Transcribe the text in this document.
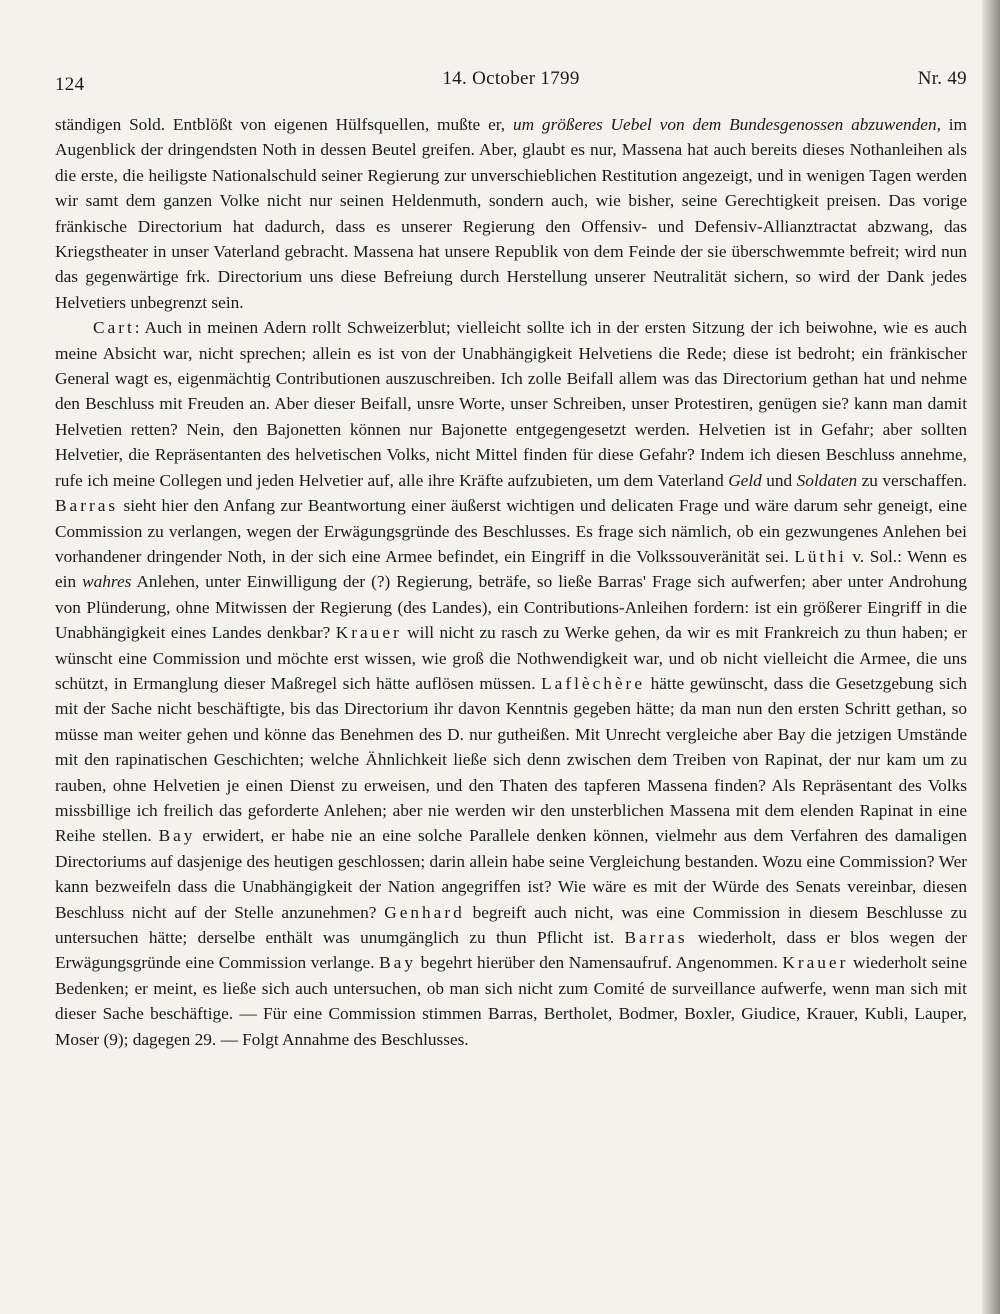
124	14. October 1799	Nr. 49

ständigen Sold. Entblößt von eigenen Hülfsquellen, mußte er, um größeres Uebel von dem Bundesgenossen abzuwenden, im Augenblick der dringendsten Noth in dessen Beutel greifen. Aber, glaubt es nur, Massena hat auch bereits dieses Nothanleihen als die erste, die heiligste Nationalschuld seiner Regierung zur unverschieblichen Restitution angezeigt, und in wenigen Tagen werden wir samt dem ganzen Volke nicht nur seinen Heldenmuth, sondern auch, wie bisher, seine Gerechtigkeit preisen. Das vorige fränkische Directorium hat dadurch, dass es unserer Regierung den Offensiv- und Defensiv-Allianztractat abzwang, das Kriegstheater in unser Vaterland gebracht. Massena hat unsere Republik von dem Feinde der sie überschwemmte befreit; wird nun das gegenwärtige frk. Directorium uns diese Befreiung durch Herstellung unserer Neutralität sichern, so wird der Dank jedes Helvetiers unbegrenzt sein.

Cart: Auch in meinen Adern rollt Schweizerblut; vielleicht sollte ich in der ersten Sitzung der ich beiwohne, wie es auch meine Absicht war, nicht sprechen; allein es ist von der Unabhängigkeit Helvetiens die Rede; diese ist bedroht; ein fränkischer General wagt es, eigenmächtig Contributionen auszuschreiben. Ich zolle Beifall allem was das Directorium gethan hat und nehme den Beschluss mit Freuden an. Aber dieser Beifall, unsre Worte, unser Schreiben, unser Protestiren, genügen sie? kann man damit Helvetien retten? Nein, den Bajonetten können nur Bajonette entgegengesetzt werden. Helvetien ist in Gefahr; aber sollten Helvetier, die Repräsentanten des helvetischen Volks, nicht Mittel finden für diese Gefahr? Indem ich diesen Beschluss annehme, rufe ich meine Collegen und jeden Helvetier auf, alle ihre Kräfte aufzubieten, um dem Vaterland Geld und Soldaten zu verschaffen. Barras sieht hier den Anfang zur Beantwortung einer äußerst wichtigen und delicaten Frage und wäre darum sehr geneigt, eine Commission zu verlangen, wegen der Erwägungsgründe des Beschlusses. Es frage sich nämlich, ob ein gezwungenes Anlehen bei vorhandener dringender Noth, in der sich eine Armee befindet, ein Eingriff in die Volkssouveränität sei. Lüthi v. Sol.: Wenn es ein wahres Anlehen, unter Einwilligung der (?) Regierung, beträfe, so ließe Barras' Frage sich aufwerfen; aber unter Androhung von Plünderung, ohne Mitwissen der Regierung (des Landes), ein Contributions-Anleihen fordern: ist ein größerer Eingriff in die Unabhängigkeit eines Landes denkbar? Krauer will nicht zu rasch zu Werke gehen, da wir es mit Frankreich zu thun haben; er wünscht eine Commission und möchte erst wissen, wie groß die Nothwendigkeit war, und ob nicht vielleicht die Armee, die uns schützt, in Ermanglung dieser Maßregel sich hätte auflösen müssen. Laflèchère hätte gewünscht, dass die Gesetzgebung sich mit der Sache nicht beschäftigte, bis das Directorium ihr davon Kenntnis gegeben hätte; da man nun den ersten Schritt gethan, so müsse man weiter gehen und könne das Benehmen des D. nur gutheißen. Mit Unrecht vergleiche aber Bay die jetzigen Umstände mit den rapinatischen Geschichten; welche Ähnlichkeit ließe sich denn zwischen dem Treiben von Rapinat, der nur kam um zu rauben, ohne Helvetien je einen Dienst zu erweisen, und den Thaten des tapferen Massena finden? Als Repräsentant des Volks missbillige ich freilich das geforderte Anlehen; aber nie werden wir den unsterblichen Massena mit dem elenden Rapinat in eine Reihe stellen. Bay erwidert, er habe nie an eine solche Parallele denken können, vielmehr aus dem Verfahren des damaligen Directoriums auf dasjenige des heutigen geschlossen; darin allein habe seine Vergleichung bestanden. Wozu eine Commission? Wer kann bezweifeln dass die Unabhängigkeit der Nation angegriffen ist? Wie wäre es mit der Würde des Senats vereinbar, diesen Beschluss nicht auf der Stelle anzunehmen? Genhard begreift auch nicht, was eine Commission in diesem Beschlusse zu untersuchen hätte; derselbe enthält was unumgänglich zu thun Pflicht ist. Barras wiederholt, dass er blos wegen der Erwägungsgründe eine Commission verlange. Bay begehrt hierüber den Namensaufruf. Angenommen. Krauer wiederholt seine Bedenken; er meint, es ließe sich auch untersuchen, ob man sich nicht zum Comité de surveillance aufwerfe, wenn man sich mit dieser Sache beschäftige. — Für eine Commission stimmen Barras, Bertholet, Bodmer, Boxler, Giudice, Krauer, Kubli, Lauper, Moser (9); dagegen 29. — Folgt Annahme des Beschlusses.
